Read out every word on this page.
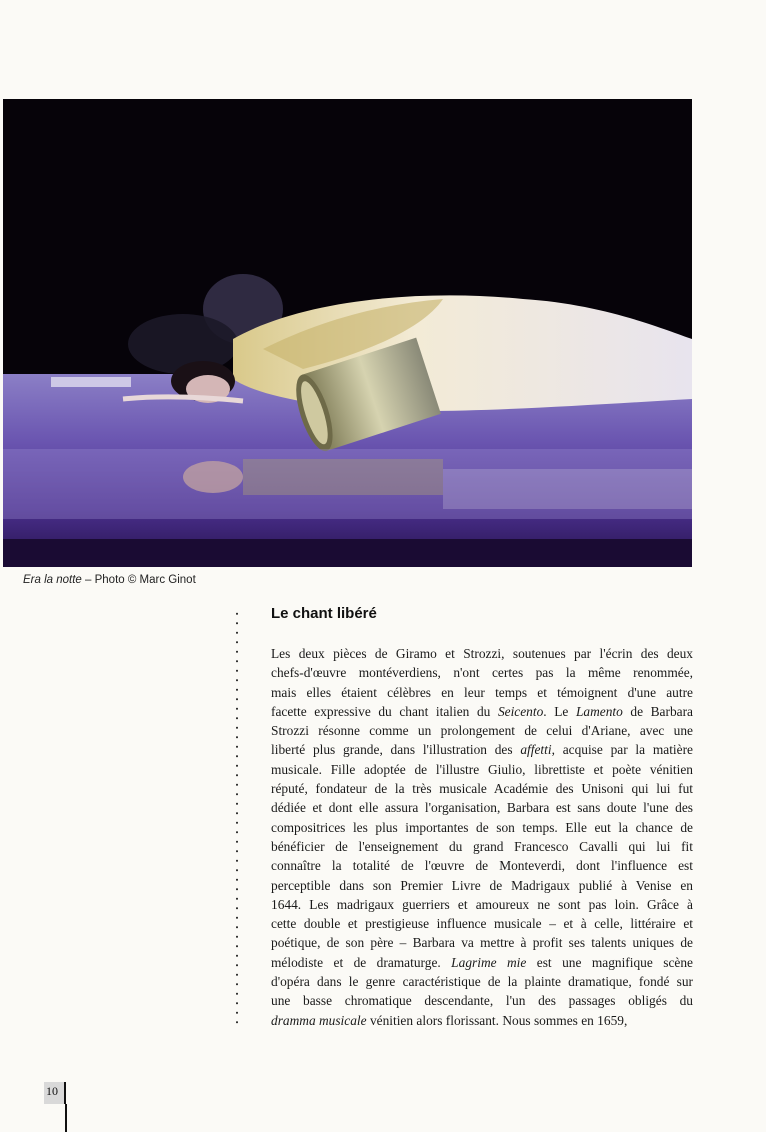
Era la notte – Photo © Marc Ginot
Le chant libéré
Les deux pièces de Giramo et Strozzi, soutenues par l'écrin des deux
chefs-d'œuvre montéverdiens, n'ont certes pas la même renommée,
mais elles étaient célèbres en leur temps et témoignent d'une autre
facette expressive du chant italien du Seicento. Le Lamento de Barbara
Strozzi résonne comme un prolongement de celui d'Ariane, avec une
liberté plus grande, dans l'illustration des affetti, acquise par la matière
musicale. Fille adoptée de l'illustre Giulio, librettiste et poète vénitien
réputé, fondateur de la très musicale Académie des Unisoni qui lui fut
dédiée et dont elle assura l'organisation, Barbara est sans doute l'une des
compositrices les plus importantes de son temps. Elle eut la chance de
bénéficier de l'enseignement du grand Francesco Cavalli qui lui fit
connaître la totalité de l'œuvre de Monteverdi, dont l'influence est
perceptible dans son Premier Livre de Madrigaux publié à Venise en
1644. Les madrigaux guerriers et amoureux ne sont pas loin. Grâce à
cette double et prestigieuse influence musicale – et à celle, littéraire et
poétique, de son père – Barbara va mettre à profit ses talents uniques de
mélodiste et de dramaturge. Lagrime mie est une magnifique scène
d'opéra dans le genre caractéristique de la plainte dramatique, fondé sur
une basse chromatique descendante, l'un des passages obligés du
dramma musicale vénitien alors florissant. Nous sommes en 1659,
10
